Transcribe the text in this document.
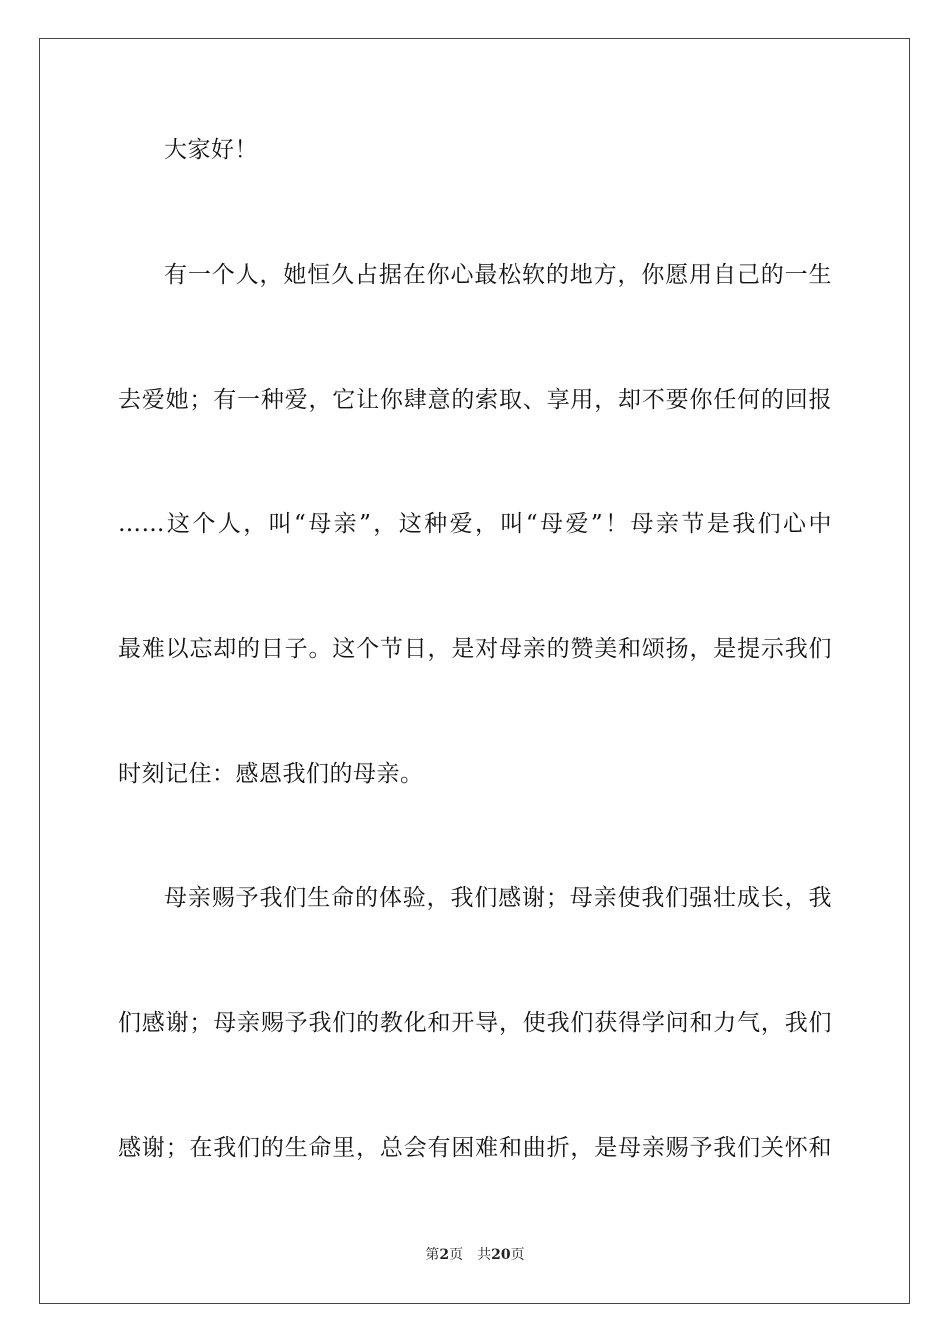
大家好！
有一个人，她恒久占据在你心最松软的地方，你愿用自己的一生
去爱她；有一种爱，它让你肆意的索取、享用，却不要你任何的回报
……这个人，叫“母亲”，这种爱，叫“母爱”！母亲节是我们心中
最难以忘却的日子。这个节日，是对母亲的赞美和颂扬，是提示我们
时刻记住：感恩我们的母亲。
母亲赐予我们生命的体验，我们感谢；母亲使我们强壮成长，我
们感谢；母亲赐予我们的教化和开导，使我们获得学问和力气，我们
感谢；在我们的生命里，总会有困难和曲折，是母亲赐予我们关怀和
第2页 共20页
